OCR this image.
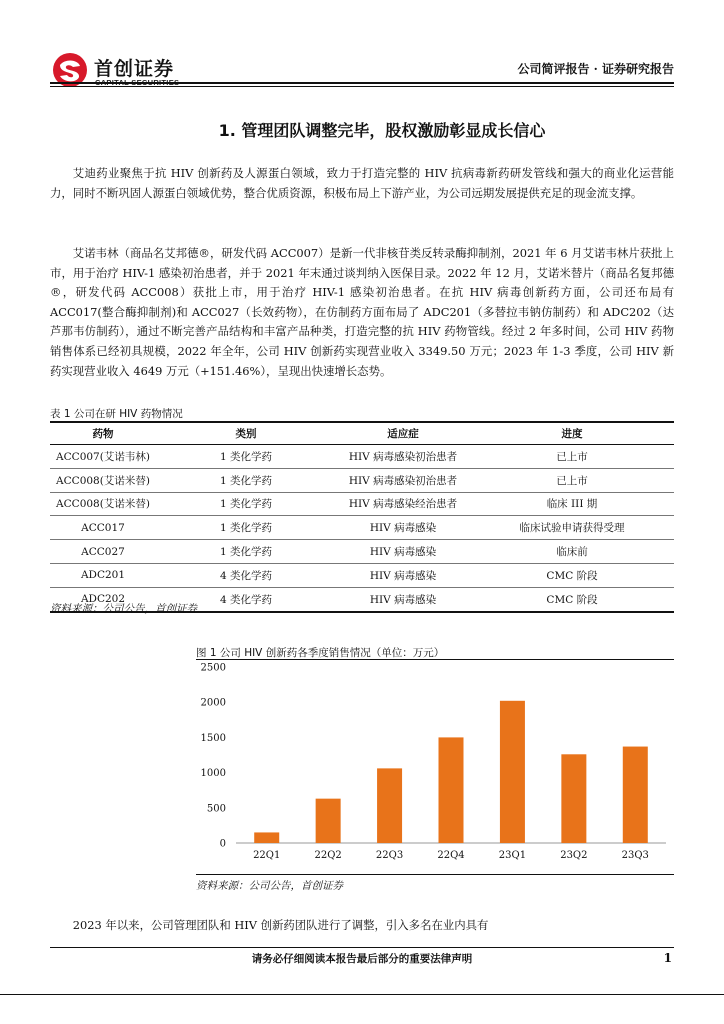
首创证券	公司简评报告 · 证券研究报告
1. 管理团队调整完毕，股权激励彰显成长信心

艾迪药业聚焦于抗 HIV 创新药及人源蛋白领域，致力于打造完整的 HIV 抗病毒新药研发管线和强大的商业化运营能力，同时不断巩固人源蛋白领域优势，整合优质资源，积极布局上下游产业，为公司远期发展提供充足的现金流支撑。

艾诺韦林（商品名艾邦德®，研发代码 ACC007）是新一代非核苷类反转录酶抑制剂，2021 年 6 月艾诺韦林片获批上市，用于治疗 HIV-1 感染初治患者，并于 2021 年末通过谈判纳入医保目录。2022 年 12 月，艾诺米替片（商品名复邦德®，研发代码 ACC008）获批上市，用于治疗 HIV-1 感染初治患者。在抗 HIV 病毒创新药方面，公司还布局有 ACC017(整合酶抑制剂)和 ACC027（长效药物），在仿制药方面布局了 ADC201（多替拉韦钠仿制药）和 ADC202（达芦那韦仿制药），通过不断完善产品结构和丰富产品种类，打造完整的抗 HIV 药物管线。经过 2 年多时间，公司 HIV 药物销售体系已经初具规模，2022 年全年，公司 HIV 创新药实现营业收入 3349.50 万元；2023 年 1-3 季度，公司 HIV 新药实现营业收入 4649 万元（+151.46%），呈现出快速增长态势。

表 1 公司在研 HIV 药物情况
药物	类别	适应症	进度
ACC007(艾诺韦林)	1 类化学药	HIV 病毒感染初治患者	已上市
ACC008(艾诺米替)	1 类化学药	HIV 病毒感染初治患者	已上市
ACC008(艾诺米替)	1 类化学药	HIV 病毒感染经治患者	临床 III 期
ACC017	1 类化学药	HIV 病毒感染	临床试验申请获得受理
ACC027	1 类化学药	HIV 病毒感染	临床前
ADC201	4 类化学药	HIV 病毒感染	CMC 阶段
ADC202	4 类化学药	HIV 病毒感染	CMC 阶段
资料来源：公司公告，首创证券
图 1 公司 HIV 创新药各季度销售情况（单位：万元）
0
500
1000
1500
2000
2500
22Q1	22Q2	22Q3	22Q4	23Q1	23Q2	23Q3
资料来源：公司公告，首创证券

2023 年以来，公司管理团队和 HIV 创新药团队进行了调整，引入多名在业内具有

请务必仔细阅读本报告最后部分的重要法律声明	1
